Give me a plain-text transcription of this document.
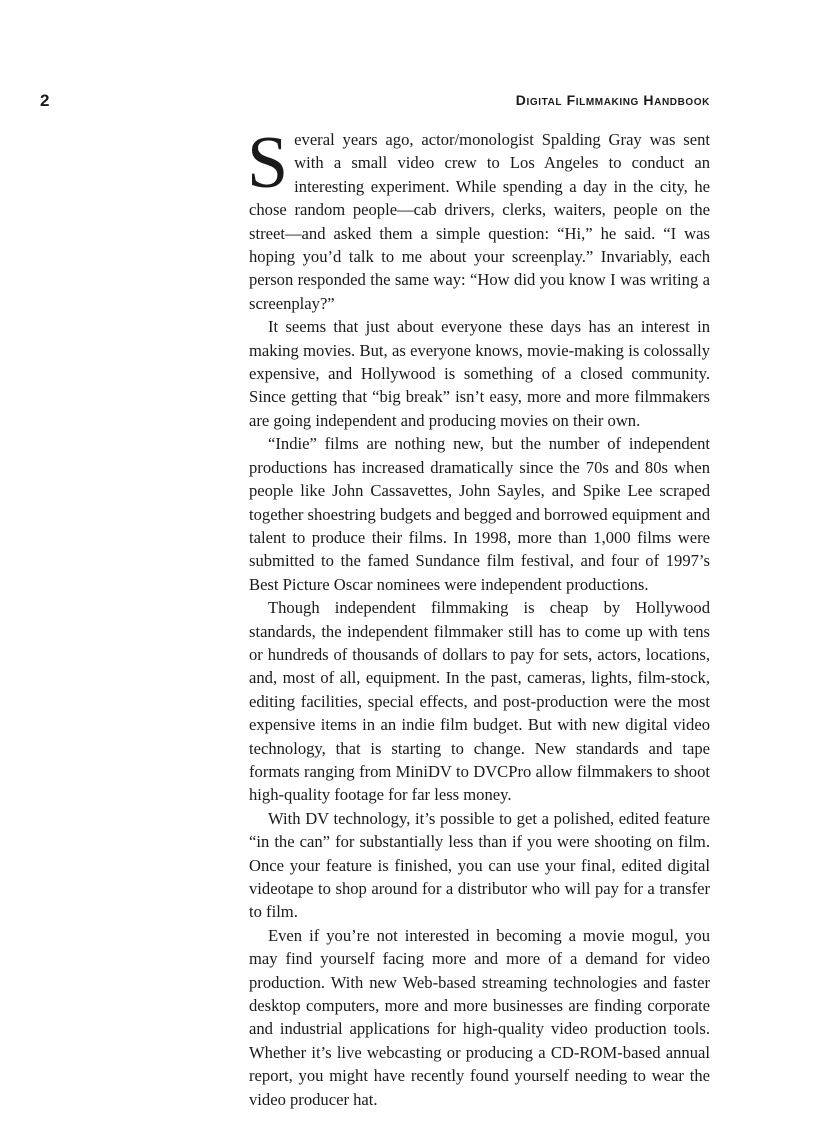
2	Digital Filmmaking Handbook

Several years ago, actor/monologist Spalding Gray was sent with a small video crew to Los Angeles to conduct an interesting experiment. While spending a day in the city, he chose random people—cab drivers, clerks, waiters, people on the street—and asked them a simple question: “Hi,” he said. “I was hoping you’d talk to me about your screenplay.” Invariably, each person responded the same way: “How did you know I was writing a screenplay?”

It seems that just about everyone these days has an interest in making movies. But, as everyone knows, movie-making is colossally expensive, and Hollywood is something of a closed community. Since getting that “big break” isn’t easy, more and more filmmakers are going independent and producing movies on their own.

“Indie” films are nothing new, but the number of independent productions has increased dramatically since the 70s and 80s when people like John Cassavettes, John Sayles, and Spike Lee scraped together shoestring budgets and begged and borrowed equipment and talent to produce their films. In 1998, more than 1,000 films were submitted to the famed Sundance film festival, and four of 1997’s Best Picture Oscar nominees were independent productions.

Though independent filmmaking is cheap by Hollywood standards, the independent filmmaker still has to come up with tens or hundreds of thousands of dollars to pay for sets, actors, locations, and, most of all, equipment. In the past, cameras, lights, film-stock, editing facilities, special effects, and post-production were the most expensive items in an indie film budget. But with new digital video technology, that is starting to change. New standards and tape formats ranging from MiniDV to DVCPro allow filmmakers to shoot high-quality footage for far less money.

With DV technology, it’s possible to get a polished, edited feature “in the can” for substantially less than if you were shooting on film. Once your feature is finished, you can use your final, edited digital videotape to shop around for a distributor who will pay for a transfer to film.

Even if you’re not interested in becoming a movie mogul, you may find yourself facing more and more of a demand for video production. With new Web-based streaming technologies and faster desktop computers, more and more businesses are finding corporate and industrial applications for high-quality video production tools. Whether it’s live webcasting or producing a CD-ROM-based annual report, you might have recently found yourself needing to wear the video producer hat.
